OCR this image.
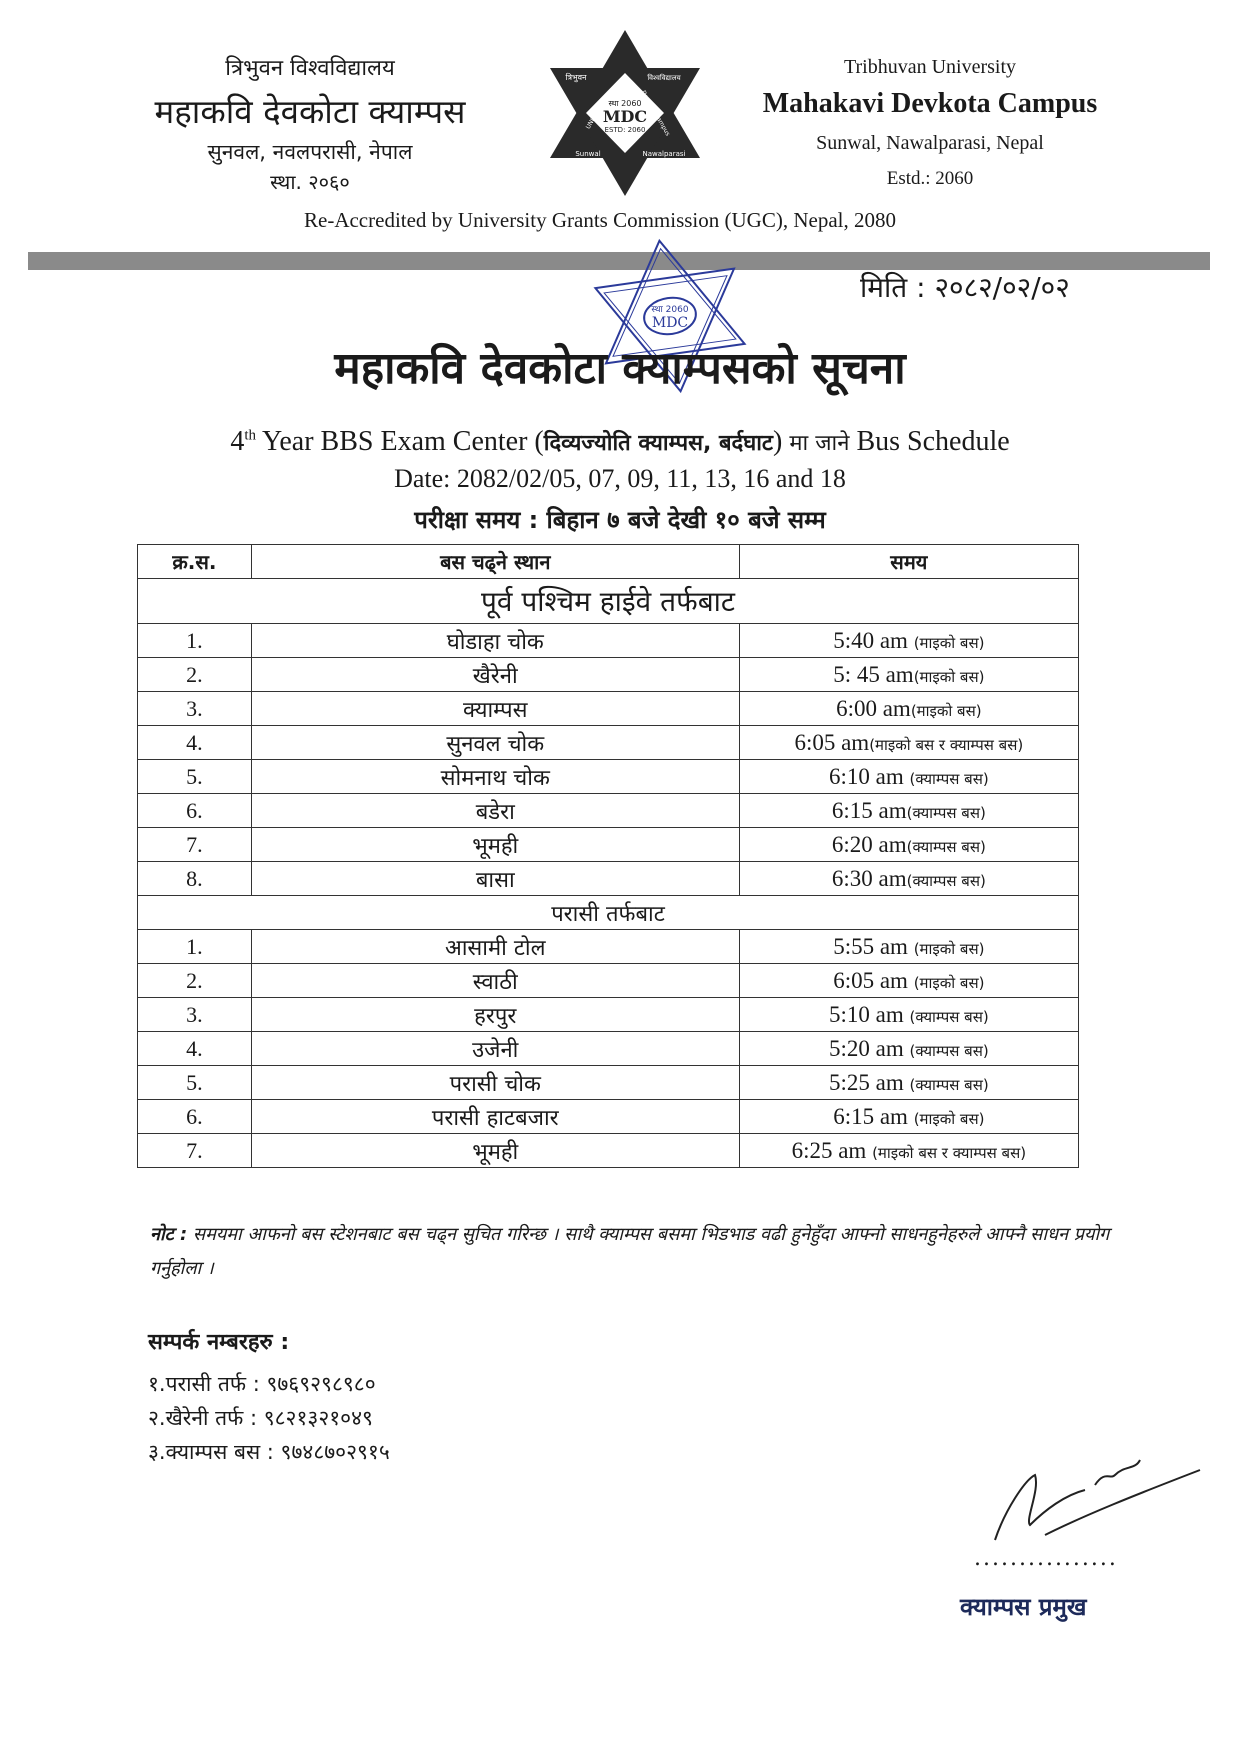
त्रिभुवन विश्वविद्यालय
महाकवि देवकोटा क्याम्पस
सुनवल, नवलपरासी, नेपाल
स्था. २०६०
स्था 2060
MDC
ESTD: 2060
त्रिभुवन	विश्वविद्यालय
Sunwal	Nawalparasi
UNIVERSITY	Devkota Campus
Tribhuvan University
Mahakavi Devkota Campus
Sunwal, Nawalparasi, Nepal
Estd.: 2060
Re-Accredited by University Grants Commission (UGC), Nepal, 2080
मिति : २०८२/०२/०२
स्था 2060
MDC
महाकवि देवकोटा क्याम्पसको सूचना
4th Year BBS Exam Center (दिव्यज्योति क्याम्पस, बर्दघाट) मा जाने Bus Schedule
Date: 2082/02/05, 07, 09, 11, 13, 16 and 18
परीक्षा समय : बिहान ७ बजे देखी १० बजे सम्म
क्र.स.	बस चढ्ने स्थान	समय
पूर्व पश्चिम हाईवे तर्फबाट		
1.	घोडाहा चोक	5:40 am (माइको बस)
2.	खैरेनी	5: 45 am(माइको बस)
3.	क्याम्पस	6:00 am(माइको बस)
4.	सुनवल चोक	6:05 am(माइको बस र क्याम्पस बस)
5.	सोमनाथ चोक	6:10 am (क्याम्पस बस)
6.	बडेरा	6:15 am(क्याम्पस बस)
7.	भूमही	6:20 am(क्याम्पस बस)
8.	बासा	6:30 am(क्याम्पस बस)
परासी तर्फबाट		
1.	आसामी टोल	5:55 am (माइको बस)
2.	स्वाठी	6:05 am (माइको बस)
3.	हरपुर	5:10 am (क्याम्पस बस)
4.	उजेनी	5:20 am (क्याम्पस बस)
5.	परासी चोक	5:25 am (क्याम्पस बस)
6.	परासी हाटबजार	6:15 am (माइको बस)
7.	भूमही	6:25 am (माइको बस र क्याम्पस बस)
नोट : समयमा आफनो बस स्टेशनबाट बस चढ्न सुचित गरिन्छ । साथै क्याम्पस बसमा भिडभाड वढी हुनेहुँदा आफ्नो साधनहुनेहरुले आफ्नै साधन प्रयोग गर्नुहोला ।
सम्पर्क नम्बरहरु :
१.परासी तर्फ : ९७६९२९८९८०
२.खैरेनी तर्फ : ९८२१३२१०४९
३.क्याम्पस बस : ९७४८७०२९१५
................
क्याम्पस प्रमुख
